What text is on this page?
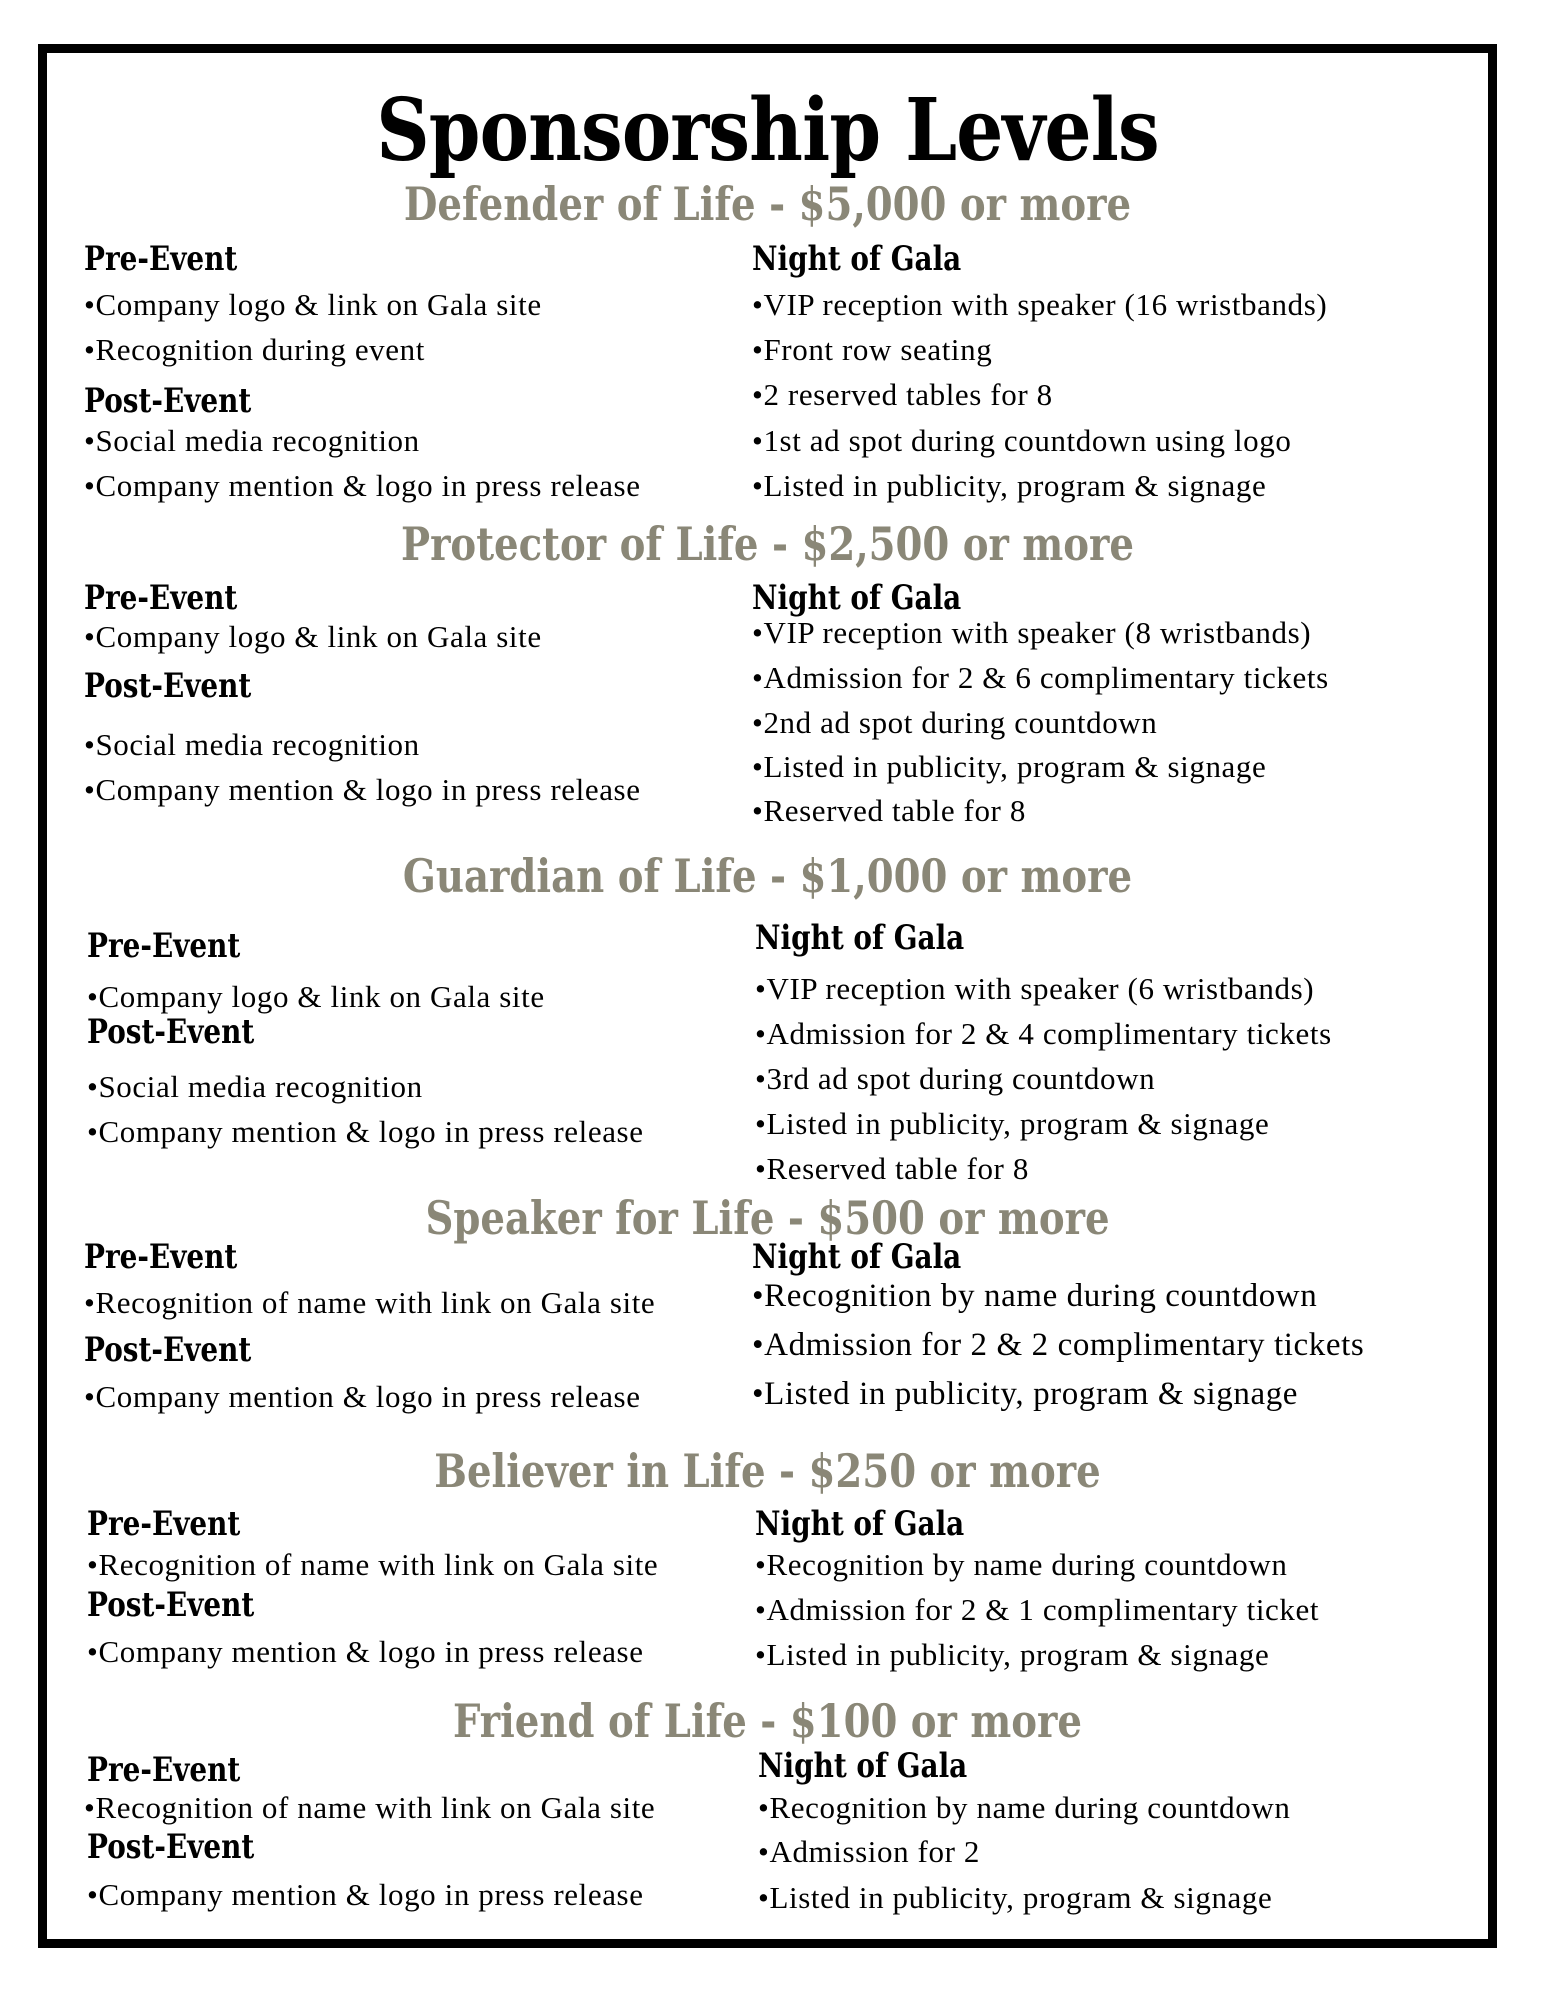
Sponsorship Levels
Defender of Life - $5,000 or more
Pre-Event
•Company logo & link on Gala site
•Recognition during event
Post-Event
•Social media recognition
•Company mention & logo in press release
Night of Gala
•VIP reception with speaker (16 wristbands)
•Front row seating
•2 reserved tables for 8
•1st ad spot during countdown using logo
•Listed in publicity, program & signage
Protector of Life - $2,500 or more
Pre-Event
•Company logo & link on Gala site
Post-Event
•Social media recognition
•Company mention & logo in press release
Night of Gala
•VIP reception with speaker (8 wristbands)
•Admission for 2 & 6 complimentary tickets
•2nd ad spot during countdown
•Listed in publicity, program & signage
•Reserved table for 8
Guardian of Life - $1,000 or more
Pre-Event
•Company logo & link on Gala site
Post-Event
•Social media recognition
•Company mention & logo in press release
Night of Gala
•VIP reception with speaker (6 wristbands)
•Admission for 2 & 4 complimentary tickets
•3rd ad spot during countdown
•Listed in publicity, program & signage
•Reserved table for 8
Speaker for Life - $500 or more
Pre-Event
•Recognition of name with link on Gala site
Post-Event
•Company mention & logo in press release
Night of Gala
•Recognition by name during countdown
•Admission for 2 & 2 complimentary tickets
•Listed in publicity, program & signage
Believer in Life - $250 or more
Pre-Event
•Recognition of name with link on Gala site
Post-Event
•Company mention & logo in press release
Night of Gala
•Recognition by name during countdown
•Admission for 2 & 1 complimentary ticket
•Listed in publicity, program & signage
Friend of Life - $100 or more
Pre-Event
•Recognition of name with link on Gala site
Post-Event
•Company mention & logo in press release
Night of Gala
•Recognition by name during countdown
•Admission for 2
•Listed in publicity, program & signage
